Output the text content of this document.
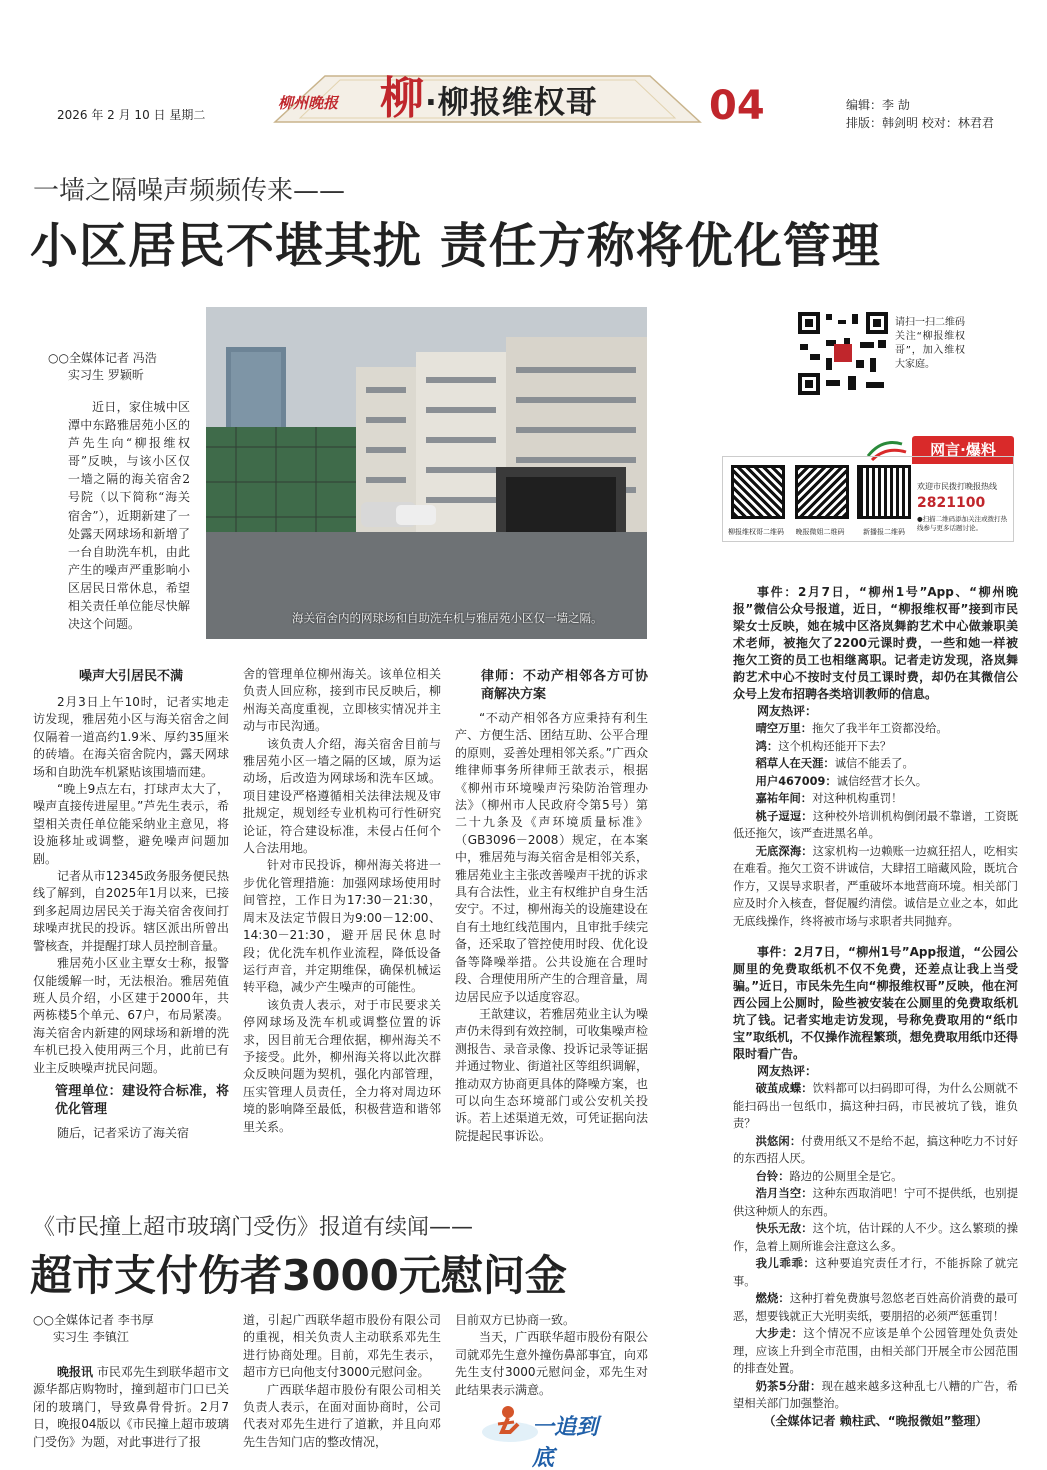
2026 年 2 月 10 日 星期二
柳州晚报 柳 ·柳报维权哥	04	编辑：李 劼
排版：韩剑明 校对：林君君
一墙之隔噪声频频传来——
小区居民不堪其扰 责任方称将优化管理
○○全媒体记者 冯浩
实习生 罗颖昕
近日，家住城中区潭中东路雅居苑小区的芦先生向“柳报维权哥”反映，与该小区仅一墙之隔的海关宿舍2号院（以下简称“海关宿舍”），近期新建了一处露天网球场和新增了一台自助洗车机，由此产生的噪声严重影响小区居民日常休息，希望相关责任单位能尽快解决这个问题。	海关宿舍内的网球场和自助洗车机与雅居苑小区仅一墙之隔。
噪声大引居民不满

2月3日上午10时，记者实地走访发现，雅居苑小区与海关宿舍之间仅隔着一道高约1.9米、厚约35厘米的砖墙。在海关宿舍院内，露天网球场和自助洗车机紧贴该围墙而建。

“晚上9点左右，打球声太大了，噪声直接传进屋里。”芦先生表示，希望相关责任单位能采纳业主意见，将设施移址或调整，避免噪声问题加剧。

记者从市12345政务服务便民热线了解到，自2025年1月以来，已接到多起周边居民关于海关宿舍夜间打球噪声扰民的投诉。辖区派出所曾出警核查，并提醒打球人员控制音量。

雅居苑小区业主覃女士称，报警仅能缓解一时，无法根治。雅居苑值班人员介绍，小区建于2000年，共两栋楼5个单元、67户，布局紧凑。海关宿舍内新建的网球场和新增的洗车机已投入使用两三个月，此前已有业主反映噪声扰民问题。

管理单位：建设符合标准，将优化管理

随后，记者采访了海关宿

舍的管理单位柳州海关。该单位相关负责人回应称，接到市民反映后，柳州海关高度重视，立即核实情况并主动与市民沟通。

该负责人介绍，海关宿舍目前与雅居苑小区一墙之隔的区域，原为运动场，后改造为网球场和洗车区域。项目建设严格遵循相关法律法规及审批规定，规划经专业机构可行性研究论证，符合建设标准，未侵占任何个人合法用地。

针对市民投诉，柳州海关将进一步优化管理措施：加强网球场使用时间管控，工作日为17:30－21:30，周末及法定节假日为9:00－12:00、14:30－21:30，避开居民休息时段；优化洗车机作业流程，降低设备运行声音，并定期维保，确保机械运转平稳，减少产生噪声的可能性。

该负责人表示，对于市民要求关停网球场及洗车机或调整位置的诉求，因目前无合理依据，柳州海关不予接受。此外，柳州海关将以此次群众反映问题为契机，强化内部管理，压实管理人员责任，全力将对周边环境的影响降至最低，积极营造和谐邻里关系。

律师：不动产相邻各方可协商解决方案

“不动产相邻各方应秉持有利生产、方便生活、团结互助、公平合理的原则，妥善处理相邻关系。”广西众维律师事务所律师王歆表示，根据《柳州市环境噪声污染防治管理办法》（柳州市人民政府令第5号）第二十九条及《声环境质量标准》（GB3096－2008）规定，在本案中，雅居苑与海关宿舍是相邻关系，雅居苑业主主张改善噪声干扰的诉求具有合法性，业主有权维护自身生活安宁。不过，柳州海关的设施建设在自有土地红线范围内，且审批手续完备，还采取了管控使用时段、优化设备等降噪举措。公共设施在合理时段、合理使用所产生的合理音量，周边居民应予以适度容忍。

王歆建议，若雅居苑业主认为噪声仍未得到有效控制，可收集噪声检测报告、录音录像、投诉记录等证据并通过物业、街道社区等组织调解，推动双方协商更具体的降噪方案，也可以向生态环境部门或公安机关投诉。若上述渠道无效，可凭证据向法院提起民事诉讼。

《市民撞上超市玻璃门受伤》报道有续闻——
超市支付伤者3000元慰问金
○○全媒体记者 李书厚
实习生 李镇江

晚报讯 市民邓先生到联华超市文源华都店购物时，撞到超市门口已关闭的玻璃门，导致鼻骨骨折。2月7日，晚报04版以《市民撞上超市玻璃门受伤》为题，对此事进行了报

道，引起广西联华超市股份有限公司的重视，相关负责人主动联系邓先生进行协商处理。目前，邓先生表示，超市方已向他支付3000元慰问金。

广西联华超市股份有限公司相关负责人表示，在面对面协商时，公司代表对邓先生进行了道歉，并且向邓先生告知门店的整改情况，

目前双方已协商一致。

当天，广西联华超市股份有限公司就邓先生意外撞伤鼻部事宜，向邓先生支付3000元慰问金，邓先生对此结果表示满意。

一追到底
请扫一扫二维码关注“柳报维权哥”，加入维权大家庭。
网言·爆料
柳报维权哥二维码	晚报微姐二维码	新播报二维码
欢迎市民拨打晚报热线
2821100
●扫描二维码添加关注或拨打热线参与更多话题讨论。

事件：2月7日，“柳州1号”App、“柳州晚报”微信公众号报道，近日，“柳报维权哥”接到市民梁女士反映，她在城中区洛岚舞韵艺术中心做兼职美术老师，被拖欠了2200元课时费，一些和她一样被拖欠工资的员工也相继离职。记者走访发现，洛岚舞韵艺术中心不按时支付员工课时费，却仍在其微信公众号上发布招聘各类培训教师的信息。

网友热评：

晴空万里：拖欠了我半年工资都没给。

鸿：这个机构还能开下去？

稻草人在天涯：诚信不能丢了。

用户467009：诚信经营才长久。

嘉祐年间：对这种机构重罚！

桃子逗逗：这种校外培训机构倒闭最不靠谱，工资既低还拖欠，该严查进黑名单。

无底深海：这家机构一边赖账一边疯狂招人，吃相实在难看。拖欠工资不讲诚信，大肆招工暗藏风险，既坑合作方，又误导求职者，严重破坏本地营商环境。相关部门应及时介入核查，督促履约清偿。诚信是立业之本，如此无底线操作，终将被市场与求职者共同抛弃。

事件：2月7日，“柳州1号”App报道，“公园公厕里的免费取纸机不仅不免费，还差点让我上当受骗。”近日，市民朱先生向“柳报维权哥”反映，他在河西公园上公厕时，险些被安装在公厕里的免费取纸机坑了钱。记者实地走访发现，号称免费取用的“纸巾宝”取纸机，不仅操作流程繁琐，想免费取用纸巾还得限时看广告。

网友热评：

破茧成蝶：饮料都可以扫码即可得，为什么公厕就不能扫码出一包纸巾，搞这种扫码，市民被坑了钱，谁负责？

洪悠闲：付费用纸又不是给不起，搞这种吃力不讨好的东西招人厌。

台铃：路边的公厕里全是它。

浩月当空：这种东西取消吧！宁可不提供纸，也别提供这种烦人的东西。

快乐无敌：这个坑，估计踩的人不少。这么繁琐的操作，急着上厕所谁会注意这么多。

我儿乖乖：这种要追究责任才行，不能拆除了就完事。

燃烧：这种打着免费旗号忽悠老百姓高价消费的最可恶，想要钱就正大光明卖纸，要朋招的必须严惩重罚！

大步走：这个情况不应该是单个公园管理处负责处理，应该上升到全市范围，由相关部门开展全市公园范围的排查处置。

奶茶5分甜：现在越来越多这种乱七八糟的广告，希望相关部门加强整治。

（全媒体记者 赖柱武、“晚报微姐”整理）
